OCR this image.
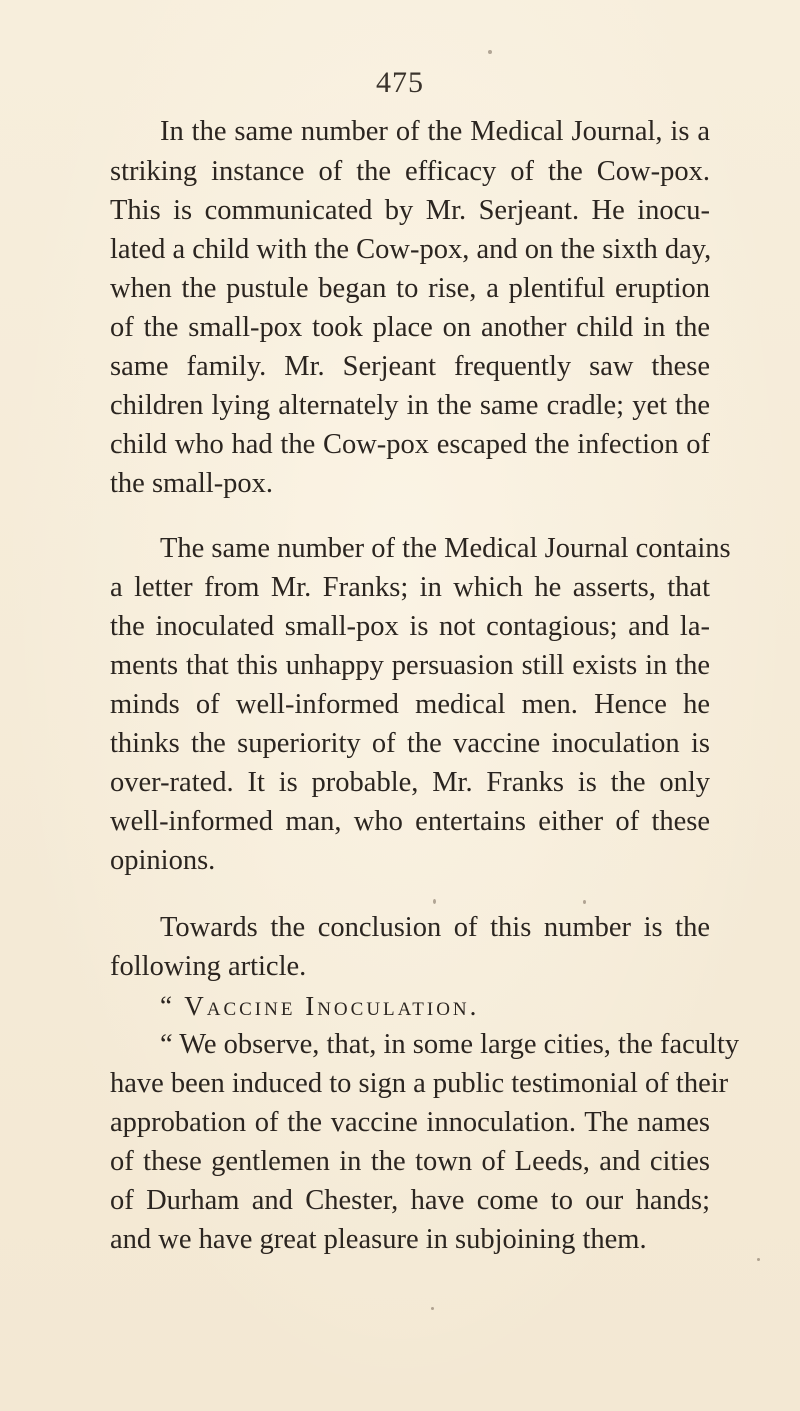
475
In the same number of the Medical Journal, is a
striking instance of the efficacy of the Cow-pox.
This is communicated by Mr. Serjeant. He inocu-
lated a child with the Cow-pox, and on the sixth day,
when the pustule began to rise, a plentiful eruption
of the small-pox took place on another child in the
same family. Mr. Serjeant frequently saw these
children lying alternately in the same cradle; yet the
child who had the Cow-pox escaped the infection of
the small-pox.
The same number of the Medical Journal contains
a letter from Mr. Franks; in which he asserts, that
the inoculated small-pox is not contagious; and la-
ments that this unhappy persuasion still exists in the
minds of well-informed medical men. Hence he
thinks the superiority of the vaccine inoculation is
over-rated. It is probable, Mr. Franks is the only
well-informed man, who entertains either of these
opinions.
Towards the conclusion of this number is the
following article.
“ Vaccine Inoculation.
“ We observe, that, in some large cities, the faculty
have been induced to sign a public testimonial of their
approbation of the vaccine innoculation. The names
of these gentlemen in the town of Leeds, and cities
of Durham and Chester, have come to our hands;
and we have great pleasure in subjoining them.
